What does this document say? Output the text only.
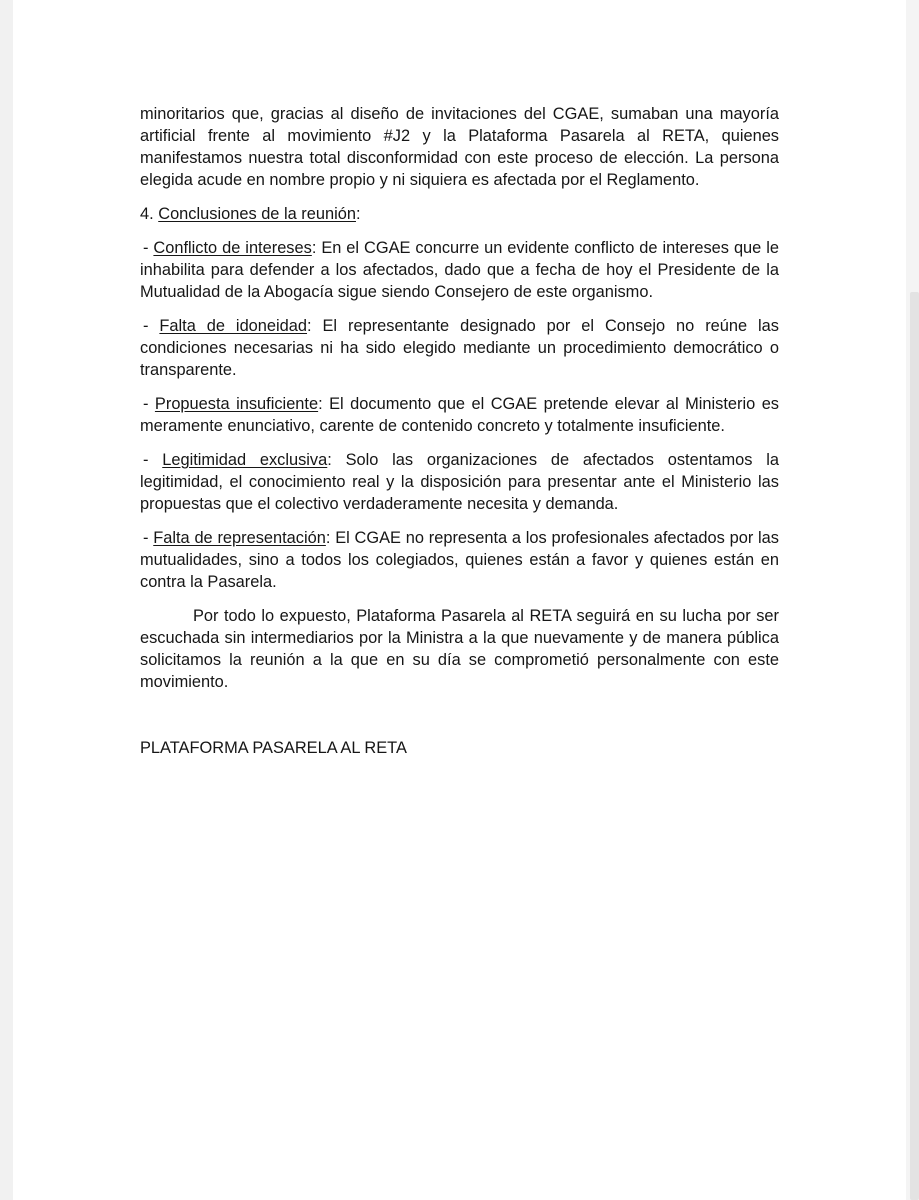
minoritarios que, gracias al diseño de invitaciones del CGAE, sumaban una mayoría artificial frente al movimiento #J2 y la Plataforma Pasarela al RETA, quienes manifestamos nuestra total disconformidad con este proceso de elección. La persona elegida acude en nombre propio y ni siquiera es afectada por el Reglamento.

4. Conclusiones de la reunión:

- Conflicto de intereses: En el CGAE concurre un evidente conflicto de intereses que le inhabilita para defender a los afectados, dado que a fecha de hoy el Presidente de la Mutualidad de la Abogacía sigue siendo Consejero de este organismo.

- Falta de idoneidad: El representante designado por el Consejo no reúne las condiciones necesarias ni ha sido elegido mediante un procedimiento democrático o transparente.

- Propuesta insuficiente: El documento que el CGAE pretende elevar al Ministerio es meramente enunciativo, carente de contenido concreto y totalmente insuficiente.

- Legitimidad exclusiva: Solo las organizaciones de afectados ostentamos la legitimidad, el conocimiento real y la disposición para presentar ante el Ministerio las propuestas que el colectivo verdaderamente necesita y demanda.

- Falta de representación: El CGAE no representa a los profesionales afectados por las mutualidades, sino a todos los colegiados, quienes están a favor y quienes están en contra la Pasarela.

Por todo lo expuesto, Plataforma Pasarela al RETA seguirá en su lucha por ser escuchada sin intermediarios por la Ministra a la que nuevamente y de manera pública solicitamos la reunión a la que en su día se comprometió personalmente con este movimiento.

PLATAFORMA PASARELA AL RETA
